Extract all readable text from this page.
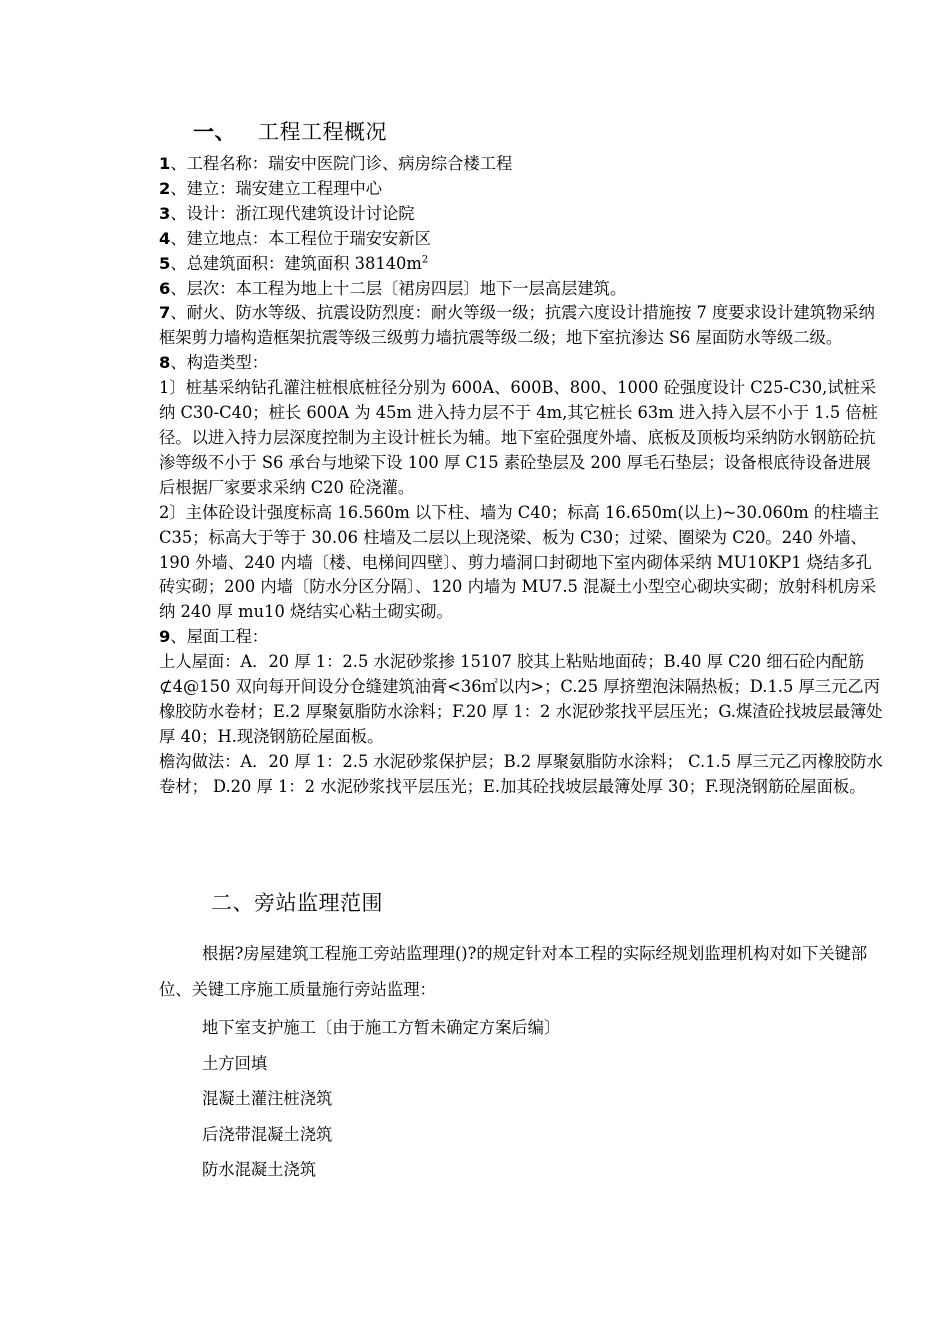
一、 工程工程概况

1、工程名称：瑞安中医院门诊、病房综合楼工程

2、建立：瑞安建立工程理中心

3、设计：浙江现代建筑设计讨论院

4、建立地点：本工程位于瑞安安新区

5、总建筑面积：建筑面积 $38140m^2$

6、层次：本工程为地上十二层〔裙房四层〕地下一层高层建筑。

7、耐火、防水等级、抗震设防烈度：耐火等级一级；抗震六度设计措施按 7 度要求设计建筑物采纳框架剪力墙构造框架抗震等级三级剪力墙抗震等级二级；地下室抗渗达 S6 屋面防水等级二级。

8、构造类型：

1〕桩基采纳钻孔灌注桩根底桩径分别为 600A、600B、800、1000 砼强度设计 C25-C30,试桩采纳 C30-C40；桩长 600A 为 45m 进入持力层不于 4m,其它桩长 63m 进入持入层不小于 1.5 倍桩径。以进入持力层深度控制为主设计桩长为辅。地下室砼强度外墙、底板及顶板均采纳防水钢筋砼抗渗等级不小于 S6 承台与地梁下设 100 厚 C15 素砼垫层及 200 厚毛石垫层；设备根底待设备进展后根据厂家要求采纳 C20 砼浇灌。

2〕主体砼设计强度标高 16.560m 以下柱、墙为 C40；标高 16.650m(以上)~30.060m 的柱墙主 C35；标高大于等于 30.06 柱墙及二层以上现浇梁、板为 C30；过梁、圈梁为 C20。240 外墙、190 外墙、240 内墙〔楼、电梯间四壁〕、剪力墙洞口封砌地下室内砌体采纳 MU10KP1 烧结多孔砖实砌；200 内墙〔防水分区分隔〕、120 内墙为 MU7.5 混凝土小型空心砌块实砌；放射科机房采纳 240 厚 mu10 烧结实心粘土砌实砌。

9、屋面工程：

上人屋面：A．20 厚 1：2.5 水泥砂浆掺 15107 胶其上粘贴地面砖；B.40 厚 C20 细石砼内配筋⊄4@150 双向每开间设分仓缝建筑油膏<36㎡以内>；C.25 厚挤塑泡沫隔热板；D.1.5 厚三元乙丙橡胶防水卷材；E.2 厚聚氨脂防水涂料；F.20 厚 1：2 水泥砂浆找平层压光；G.煤渣砼找坡层最簿处厚 40；H.现浇钢筋砼屋面板。

檐沟做法：A．20 厚 1：2.5 水泥砂浆保护层；B.2 厚聚氨脂防水涂料； C.1.5 厚三元乙丙橡胶防水卷材； D.20 厚 1：2 水泥砂浆找平层压光；E.加其砼找坡层最簿处厚 30；F.现浇钢筋砼屋面板。

二、旁站监理范围
根据?房屋建筑工程施工旁站监理理()?的规定针对本工程的实际经规划监理机构对如下关键部位、关键工序施工质量施行旁站监理：
地下室支护施工〔由于施工方暂未确定方案后编〕
土方回填
混凝土灌注桩浇筑
后浇带混凝土浇筑
防水混凝土浇筑
